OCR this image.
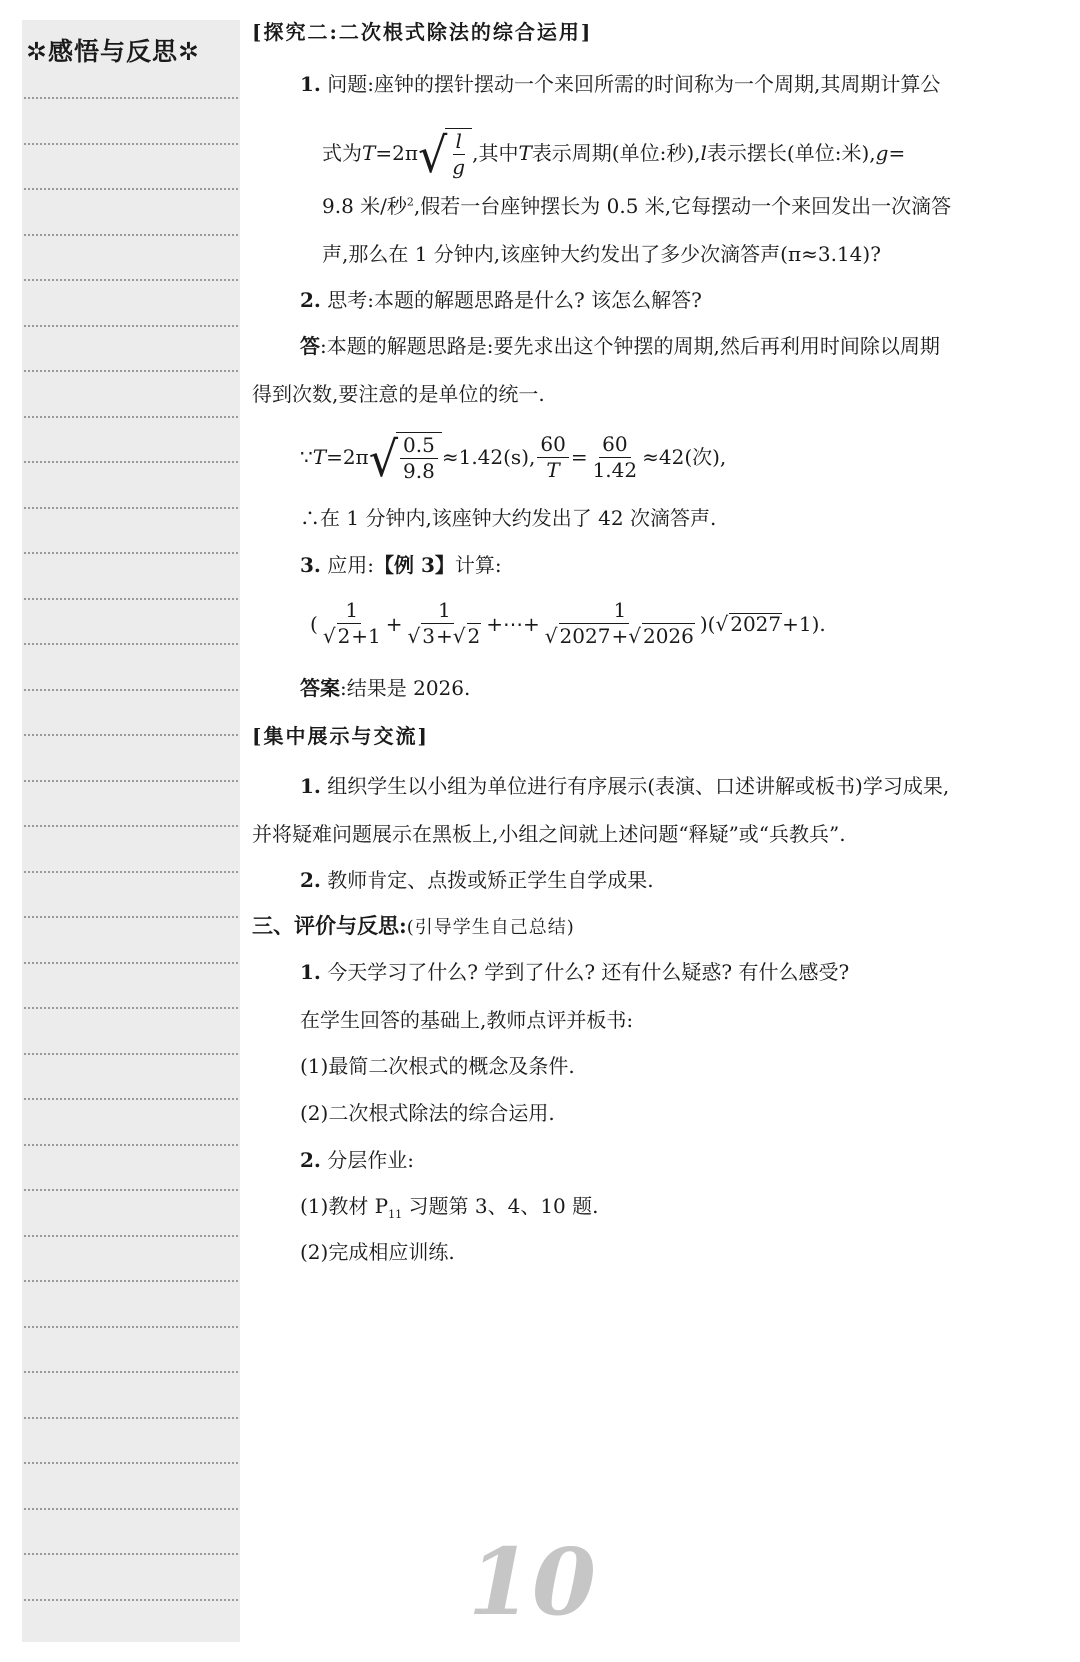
✲感悟与反思✲
[探究二:二次根式除法的综合运用]
1. 问题:座钟的摆针摆动一个来回所需的时间称为一个周期,其周期计算公
式为 T =2π √ $\frac{l}{g}$ ,其中 T 表示周期(单位:秒), l 表示摆长(单位:米), g =
9.8 米/秒$^2$,假若一台座钟摆长为 0.5 米,它每摆动一个来回发出一次滴答
声,那么在 1 分钟内,该座钟大约发出了多少次滴答声(π≈3.14)?
2. 思考:本题的解题思路是什么? 该怎么解答?
答:本题的解题思路是:要先求出这个钟摆的周期,然后再利用时间除以周期
得到次数,要注意的是单位的统一.
∵ T =2π √ $\frac{0.5}{9.8} \approx 1.42(s)$, $\frac{60}{T} = \frac{60}{1.42} \approx 42$(次),
∴在 1 分钟内,该座钟大约发出了 42 次滴答声.
3. 应用:【例 3】计算:
( $\frac{1}{√ 2+1} + \frac{1}{√ 3+√ 2}$ +⋯+ $\frac{1}{√ 2027+√ 2026}$ )( √ 2027 +1).
答案:结果是 2026.
[集中展示与交流]
1. 组织学生以小组为单位进行有序展示(表演、口述讲解或板书)学习成果,
并将疑难问题展示在黑板上,小组之间就上述问题“释疑”或“兵教兵”.
2. 教师肯定、点拨或矫正学生自学成果.
三、评价与反思:(引导学生自己总结)
1. 今天学习了什么? 学到了什么? 还有什么疑惑? 有什么感受?
在学生回答的基础上,教师点评并板书:
(1)最简二次根式的概念及条件.
(2)二次根式除法的综合运用.
2. 分层作业:
(1)教材 $P_{11}$ 习题第 3、4、10 题.
(2)完成相应训练.
10
